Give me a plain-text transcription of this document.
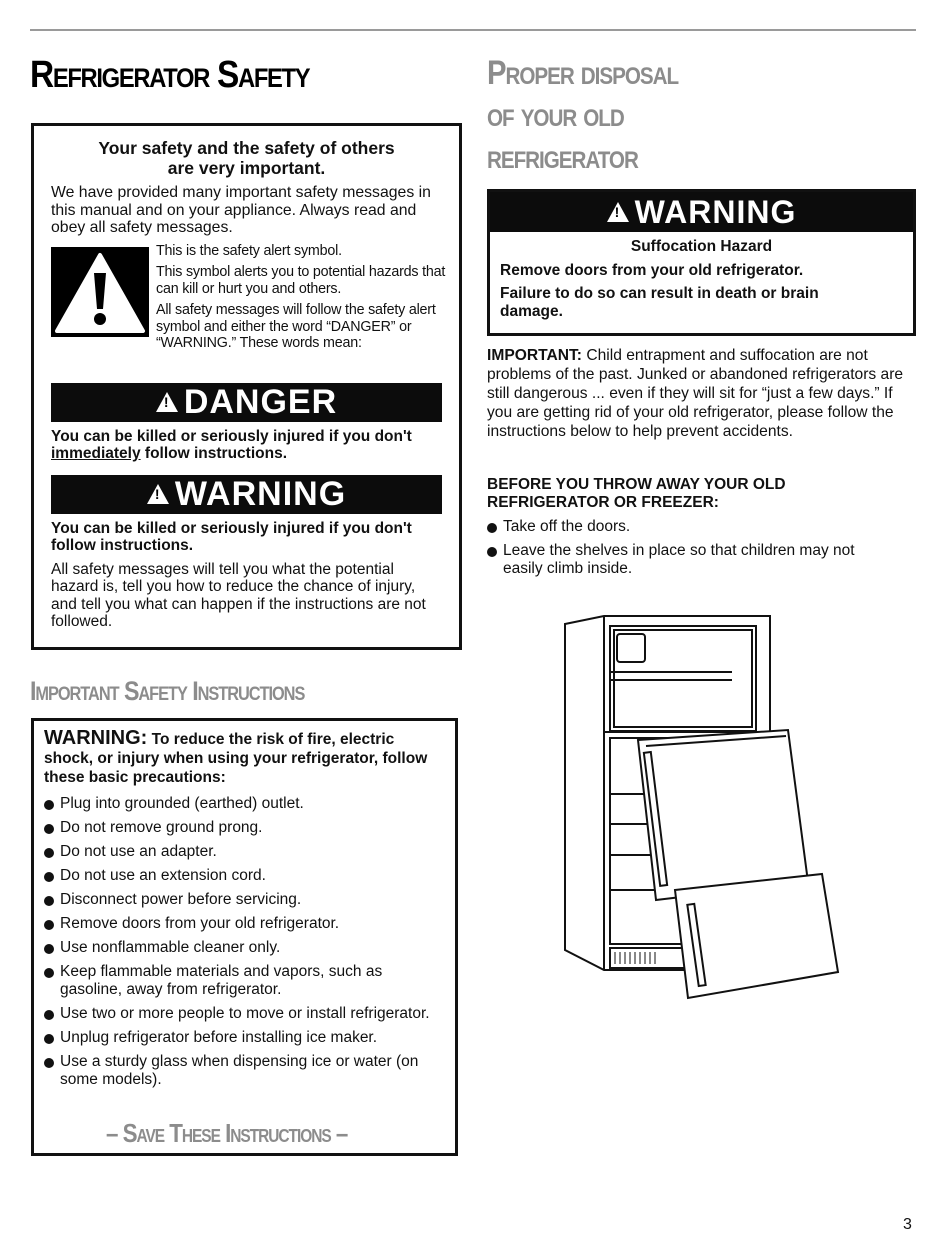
Refrigerator Safety
Your safety and the safety of others
are very important.

We have provided many important safety messages in this manual and on your appliance. Always read and obey all safety messages.

This is the safety alert symbol.

This symbol alerts you to potential hazards that can kill or hurt you and others.

All safety messages will follow the safety alert symbol and either the word “DANGER” or “WARNING.” These words mean:

!
DANGER

You can be killed or seriously injured if you don't immediately follow instructions.

!
WARNING

You can be killed or seriously injured if you don't follow instructions.

All safety messages will tell you what the potential hazard is, tell you how to reduce the chance of injury, and tell you what can happen if the instructions are not followed.

Important Safety Instructions

WARNING: To reduce the risk of fire, electric shock, or injury when using your refrigerator, follow these basic precautions:

Plug into grounded (earthed) outlet.
Do not remove ground prong.
Do not use an adapter.
Do not use an extension cord.
Disconnect power before servicing.
Remove doors from your old refrigerator.
Use nonflammable cleaner only.
Keep flammable materials and vapors, such as gasoline, away from refrigerator.
Use two or more people to move or install refrigerator.
Unplug refrigerator before installing ice maker.
Use a sturdy glass when dispensing ice or water (on some models).
– Save These Instructions –
Proper disposal
of your old
refrigerator
!
WARNING

Suffocation Hazard

Remove doors from your old refrigerator.

Failure to do so can result in death or brain damage.

IMPORTANT: Child entrapment and suffocation are not problems of the past. Junked or abandoned refrigerators are still dangerous ... even if they will sit for “just a few days.” If you are getting rid of your old refrigerator, please follow the instructions below to help prevent accidents.

BEFORE YOU THROW AWAY YOUR OLD REFRIGERATOR OR FREEZER:

Take off the doors.
Leave the shelves in place so that children may not easily climb inside.
3
